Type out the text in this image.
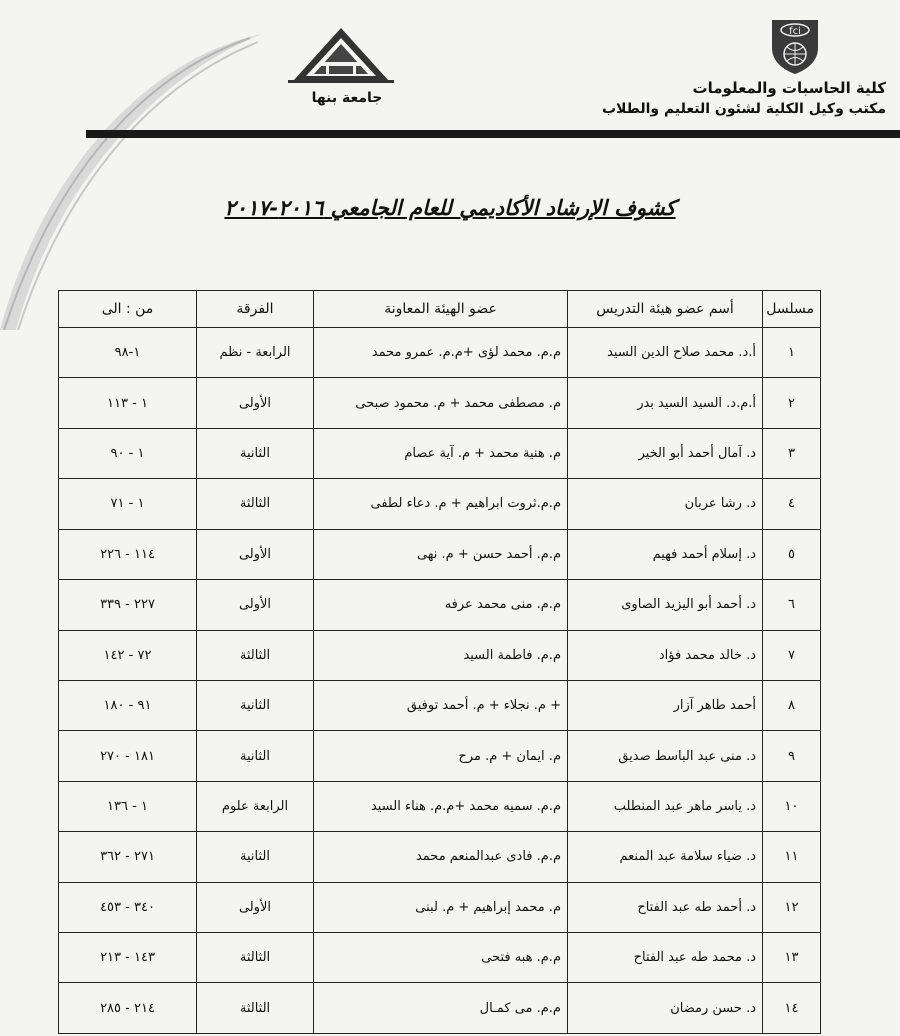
fci
كلية الحاسبات والمعلومات
مكتب وكيل الكلية لشئون التعليم والطلاب
جامعة بنها
كشوف الإرشاد الأكاديمي للعام الجامعي ٢٠١٦-٢٠١٧
مسلسل	أسم عضو هيئة التدريس	عضو الهيئة المعاونة	الفرقة	من : الى
١	أ.د. محمد صلاح الدين السيد	م.م. محمد لؤى +م.م. عمرو محمد	الرابعة - نظم	١-٩٨
٢	أ.م.د. السيد السيد بدر	م. مصطفى محمد + م. محمود صبحى	الأولى	١ - ١١٣
٣	د. آمال أحمد أبو الخير	م. هنية محمد + م. آية عصام	الثانية	١ - ٩٠
٤	د. رشا عربان	م.م.ثروت ابراهيم + م. دعاء لطفى	الثالثة	١ - ٧١
٥	د. إسلام أحمد فهيم	م.م. أحمد حسن + م. نهى	الأولى	١١٤ - ٢٢٦
٦	د. أحمد أبو اليزيد الصاوى	م.م. منى محمد عرفه	الأولى	٢٢٧ - ٣٣٩
٧	د. خالد محمد فؤاد	م.م. فاطمة السيد	الثالثة	٧٢ - ١٤٢
٨	أحمد طاهر آزار	+ م. نجلاء + م. أحمد توفيق	الثانية	٩١ - ١٨٠
٩	د. منى عبد الباسط صديق	م. ايمان + م. مرح	الثانية	١٨١ - ٢٧٠
١٠	د. ياسر ماهر عبد المنطلب	م.م. سميه محمد +م.م. هناء السيد	الرابعة علوم	١ - ١٣٦
١١	د. ضياء سلامة عبد المنعم	م.م. فادى عبدالمنعم محمد	الثانية	٢٧١ - ٣٦٢
١٢	د. أحمد طه عبد الفتاح	م. محمد إبراهيم + م. لبنى	الأولى	٣٤٠ - ٤٥٣
١٣	د. محمد طه عبد الفتاح	م.م. هبه فتحى	الثالثة	١٤٣ - ٢١٣
١٤	د. حسن رمضان	م.م. مى كمـال	الثالثة	٢١٤ - ٢٨٥
